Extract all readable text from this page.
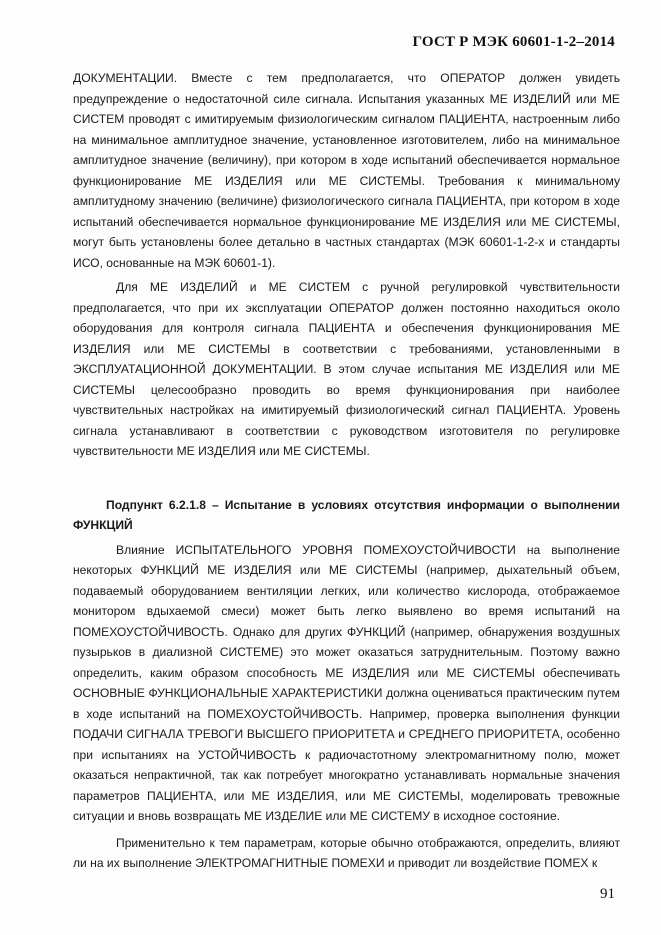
ГОСТ Р МЭК 60601-1-2–2014

ДОКУМЕНТАЦИИ. Вместе с тем предполагается, что ОПЕРАТОР должен увидеть предупреждение о недостаточной силе сигнала. Испытания указанных МЕ ИЗДЕЛИЙ или МЕ СИСТЕМ проводят с имитируемым физиологическим сигналом ПАЦИЕНТА, настроенным либо на минимальное амплитудное значение, установленное изготовителем, либо на минимальное амплитудное значение (величину), при котором в ходе испытаний обеспечивается нормальное функционирование МЕ ИЗДЕЛИЯ или МЕ СИСТЕМЫ. Требования к минимальному амплитудному значению (величине) физиологического сигнала ПАЦИЕНТА, при котором в ходе испытаний обеспечивается нормальное функционирование МЕ ИЗДЕЛИЯ или МЕ СИСТЕМЫ, могут быть установлены более детально в частных стандартах (МЭК 60601-1-2-х и стандарты ИСО, основанные на МЭК 60601-1).

Для МЕ ИЗДЕЛИЙ и МЕ СИСТЕМ с ручной регулировкой чувствительности предполагается, что при их эксплуатации ОПЕРАТОР должен постоянно находиться около оборудования для контроля сигнала ПАЦИЕНТА и обеспечения функционирования МЕ ИЗДЕЛИЯ или МЕ СИСТЕМЫ в соответствии с требованиями, установленными в ЭКСПЛУАТАЦИОННОЙ ДОКУМЕНТАЦИИ. В этом случае испытания МЕ ИЗДЕЛИЯ или МЕ СИСТЕМЫ целесообразно проводить во время функционирования при наиболее чувствительных настройках на имитируемый физиологический сигнал ПАЦИЕНТА. Уровень сигнала устанавливают в соответствии с руководством изготовителя по регулировке чувствительности МЕ ИЗДЕЛИЯ или МЕ СИСТЕМЫ.

Подпункт 6.2.1.8 – Испытание в условиях отсутствия информации о выполнении ФУНКЦИЙ

Влияние ИСПЫТАТЕЛЬНОГО УРОВНЯ ПОМЕХОУСТОЙЧИВОСТИ на выполнение некоторых ФУНКЦИЙ МЕ ИЗДЕЛИЯ или МЕ СИСТЕМЫ (например, дыхательный объем, подаваемый оборудованием вентиляции легких, или количество кислорода, отображаемое монитором вдыхаемой смеси) может быть легко выявлено во время испытаний на ПОМЕХОУСТОЙЧИВОСТЬ. Однако для других ФУНКЦИЙ (например, обнаружения воздушных пузырьков в диализной СИСТЕМЕ) это может оказаться затруднительным. Поэтому важно определить, каким образом способность МЕ ИЗДЕЛИЯ или МЕ СИСТЕМЫ обеспечивать ОСНОВНЫЕ ФУНКЦИОНАЛЬНЫЕ ХАРАКТЕРИСТИКИ должна оцениваться практическим путем в ходе испытаний на ПОМЕХОУСТОЙЧИВОСТЬ. Например, проверка выполнения функции ПОДАЧИ СИГНАЛА ТРЕВОГИ ВЫСШЕГО ПРИОРИТЕТА и СРЕДНЕГО ПРИОРИТЕТА, особенно при испытаниях на УСТОЙЧИВОСТЬ к радиочастотному электромагнитному полю, может оказаться непрактичной, так как потребует многократно устанавливать нормальные значения параметров ПАЦИЕНТА, или МЕ ИЗДЕЛИЯ, или МЕ СИСТЕМЫ, моделировать тревожные ситуации и вновь возвращать МЕ ИЗДЕЛИЕ или МЕ СИСТЕМУ в исходное состояние.

Применительно к тем параметрам, которые обычно отображаются, определить, влияют ли на их выполнение ЭЛЕКТРОМАГНИТНЫЕ ПОМЕХИ и приводит ли воздействие ПОМЕХ к

91
